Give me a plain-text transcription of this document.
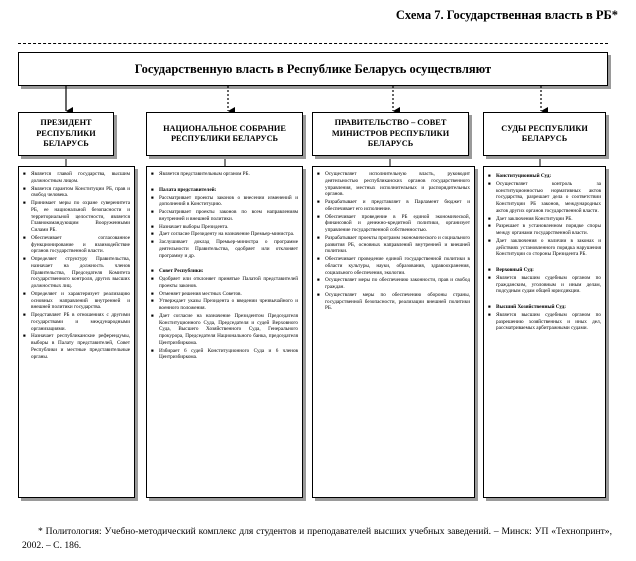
Схема 7. Государственная власть в РБ*
Государственную власть в Республике Беларусь осуществляют
ПРЕЗИДЕНТ РЕСПУБЛИКИ БЕЛАРУСЬ
НАЦИОНАЛЬНОЕ СОБРАНИЕ РЕСПУБЛИКИ БЕЛАРУСЬ
ПРАВИТЕЛЬСТВО – СОВЕТ МИНИСТРОВ РЕСПУБЛИКИ БЕЛАРУСЬ
СУДЫ РЕСПУБЛИКИ БЕЛАРУСЬ
■ Является главой государства, высшим должностным лицом.
■ Является гарантом Конституции РБ, прав и свобод человека.
■ Принимает меры по охране суверенитета РБ, ее национальной безопасности и территориальной целостности, является Главнокомандующим Вооруженными Силами РБ.
■ Обеспечивает согласованное функционирование и взаимодействие органов государственной власти.
■ Определяет структуру Правительства, назначает на должность членов Правительства, Председателя Комитета государственного контроля, других высших должностных лиц.
■ Определяет и характеризует реализацию основных направлений внутренней и внешней политики государства.
■ Представляет РБ в отношениях с другими государствами и международными организациями.
■ Назначает республиканские референдумы, выборы в Палату представителей, Совет Республики и местные представительные органы.
■ Является представительным органом РБ.
■ Палата представителей:
■ Рассматривает проекты законов о внесении изменений и дополнений в Конституцию.
■ Рассматривает проекты законов по всем направлениям внутренней и внешней политики.
■ Назначает выборы Президента.
■ Дает согласие Президенту на назначение Премьер-министра.
■ Заслушивает доклад Премьер-министра о программе деятельности Правительства, одобряет или отклоняет программу и др.
■ Совет Республики:
■ Одобряет или отклоняет принятые Палатой представителей проекты законов.
■ Отменяет решения местных Советов.
■ Утверждает указы Президента о введении чрезвычайного и военного положения.
■ Дает согласие на назначение Президентом Председателя Конституционного Суда, Председателя и судей Верховного Суда, Высшего Хозяйственного Суда, Генерального прокурора, Председателя Национального банка, председателя Центризбиркома.
■ Избирает 6 судей Конституционного Суда и 6 членов Центризбиркома.
■ Осуществляет исполнительную власть, руководит деятельностью республиканских органов государственного управления, местных исполнительных и распорядительных органов.
■ Разрабатывает и представляет в Парламент бюджет и обеспечивает его исполнение.
■ Обеспечивает проведение в РБ единой экономической, финансовой и денежно-кредитной политики, организует управление государственной собственностью.
■ Разрабатывает проекты программ экономического и социального развития РБ, основных направлений внутренней и внешней политики.
■ Обеспечивает проведение единой государственной политики в области культуры, науки, образования, здравоохранения, социального обеспечения, экологии.
■ Осуществляет меры по обеспечению законности, прав и свобод граждан.
■ Осуществляет меры по обеспечению обороны страны, государственной безопасности, реализации внешней политики РБ.
■ Конституционный Суд:
■ Осуществляет контроль за конституционностью нормативных актов государства, разрешает дела о соответствии Конституции РБ законов, международных актов других органов государственной власти.
■ Дает заключения Конституции РБ.
■ Разрешает в установленном порядке споры между органами государственной власти.
■ Дает заключения о наличии в законах и действиях установленного порядка нарушения Конституции со стороны Президента РБ.
■ Верховный Суд:
■ Является высшим судебным органом по гражданским, уголовным и иным делам, подсудным судам общей юрисдикции.
■ Высший Хозяйственный Суд:
■ Является высшим судебным органом по разрешению хозяйственных и иных дел, рассматриваемых арбитражными судами.
* Политология: Учебно-методический комплекс для студентов и преподавателей высших учебных заведений. – Минск: УП «Технопринт», 2002. – С. 186.
